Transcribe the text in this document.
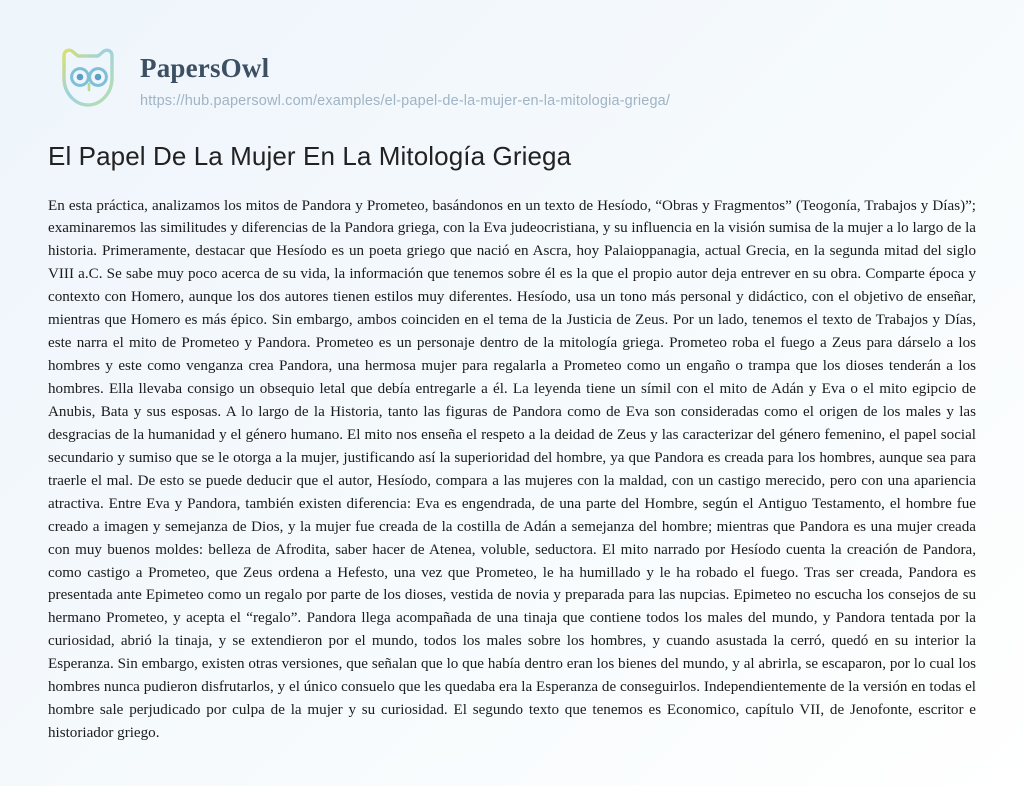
PapersOwl
https://hub.papersowl.com/examples/el-papel-de-la-mujer-en-la-mitologia-griega/
El Papel De La Mujer En La Mitología Griega

En esta práctica, analizamos los mitos de Pandora y Prometeo, basándonos en un texto de Hesíodo, “Obras y Fragmentos” (Teogonía, Trabajos y Días)”; examinaremos las similitudes y diferencias de la Pandora griega, con la Eva judeocristiana, y su influencia en la visión sumisa de la mujer a lo largo de la historia. Primeramente, destacar que Hesíodo es un poeta griego que nació en Ascra, hoy Palaioppanagia, actual Grecia, en la segunda mitad del siglo VIII a.C. Se sabe muy poco acerca de su vida, la información que tenemos sobre él es la que el propio autor deja entrever en su obra. Comparte época y contexto con Homero, aunque los dos autores tienen estilos muy diferentes. Hesíodo, usa un tono más personal y didáctico, con el objetivo de enseñar, mientras que Homero es más épico. Sin embargo, ambos coinciden en el tema de la Justicia de Zeus. Por un lado, tenemos el texto de Trabajos y Días, este narra el mito de Prometeo y Pandora. Prometeo es un personaje dentro de la mitología griega. Prometeo roba el fuego a Zeus para dárselo a los hombres y este como venganza crea Pandora, una hermosa mujer para regalarla a Prometeo como un engaño o trampa que los dioses tenderán a los hombres. Ella llevaba consigo un obsequio letal que debía entregarle a él. La leyenda tiene un símil con el mito de Adán y Eva o el mito egipcio de Anubis, Bata y sus esposas. A lo largo de la Historia, tanto las figuras de Pandora como de Eva son consideradas como el origen de los males y las desgracias de la humanidad y el género humano. El mito nos enseña el respeto a la deidad de Zeus y las caracterizar del género femenino, el papel social secundario y sumiso que se le otorga a la mujer, justificando así la superioridad del hombre, ya que Pandora es creada para los hombres, aunque sea para traerle el mal. De esto se puede deducir que el autor, Hesíodo, compara a las mujeres con la maldad, con un castigo merecido, pero con una apariencia atractiva. Entre Eva y Pandora, también existen diferencia: Eva es engendrada, de una parte del Hombre, según el Antiguo Testamento, el hombre fue creado a imagen y semejanza de Dios, y la mujer fue creada de la costilla de Adán a semejanza del hombre; mientras que Pandora es una mujer creada con muy buenos moldes: belleza de Afrodita, saber hacer de Atenea, voluble, seductora. El mito narrado por Hesíodo cuenta la creación de Pandora, como castigo a Prometeo, que Zeus ordena a Hefesto, una vez que Prometeo, le ha humillado y le ha robado el fuego. Tras ser creada, Pandora es presentada ante Epimeteo como un regalo por parte de los dioses, vestida de novia y preparada para las nupcias. Epimeteo no escucha los consejos de su hermano Prometeo, y acepta el “regalo”. Pandora llega acompañada de una tinaja que contiene todos los males del mundo, y Pandora tentada por la curiosidad, abrió la tinaja, y se extendieron por el mundo, todos los males sobre los hombres, y cuando asustada la cerró, quedó en su interior la Esperanza. Sin embargo, existen otras versiones, que señalan que lo que había dentro eran los bienes del mundo, y al abrirla, se escaparon, por lo cual los hombres nunca pudieron disfrutarlos, y el único consuelo que les quedaba era la Esperanza de conseguirlos. Independientemente de la versión en todas el hombre sale perjudicado por culpa de la mujer y su curiosidad. El segundo texto que tenemos es Economico, capítulo VII, de Jenofonte, escritor e historiador griego.
